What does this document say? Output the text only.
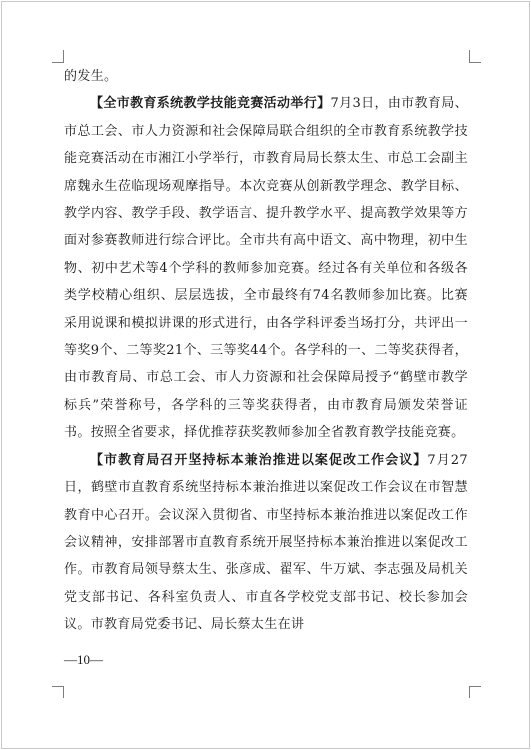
的发生。

【全市教育系统教学技能竞赛活动举行】7月3日，由市教育局、市总工会、市人力资源和社会保障局联合组织的全市教育系统教学技能竞赛活动在市湘江小学举行，市教育局局长蔡太生、市总工会副主席魏永生莅临现场观摩指导。本次竞赛从创新教学理念、教学目标、教学内容、教学手段、教学语言、提升教学水平、提高教学效果等方面对参赛教师进行综合评比。全市共有高中语文、高中物理，初中生物、初中艺术等4个学科的教师参加竞赛。经过各有关单位和各级各类学校精心组织、层层选拔，全市最终有74名教师参加比赛。比赛采用说课和模拟讲课的形式进行，由各学科评委当场打分，共评出一等奖9个、二等奖21个、三等奖44个。各学科的一、二等奖获得者，由市教育局、市总工会、市人力资源和社会保障局授予“鹤壁市教学标兵”荣誉称号，各学科的三等奖获得者，由市教育局颁发荣誉证书。按照全省要求，择优推荐获奖教师参加全省教育教学技能竞赛。

【市教育局召开坚持标本兼治推进以案促改工作会议】7月27日，鹤壁市直教育系统坚持标本兼治推进以案促改工作会议在市智慧教育中心召开。会议深入贯彻省、市坚持标本兼治推进以案促改工作会议精神，安排部署市直教育系统开展坚持标本兼治推进以案促改工作。市教育局领导蔡太生、张彦成、翟军、牛万斌、李志强及局机关党支部书记、各科室负责人、市直各学校党支部书记、校长参加会议。市教育局党委书记、局长蔡太生在讲

—10—
